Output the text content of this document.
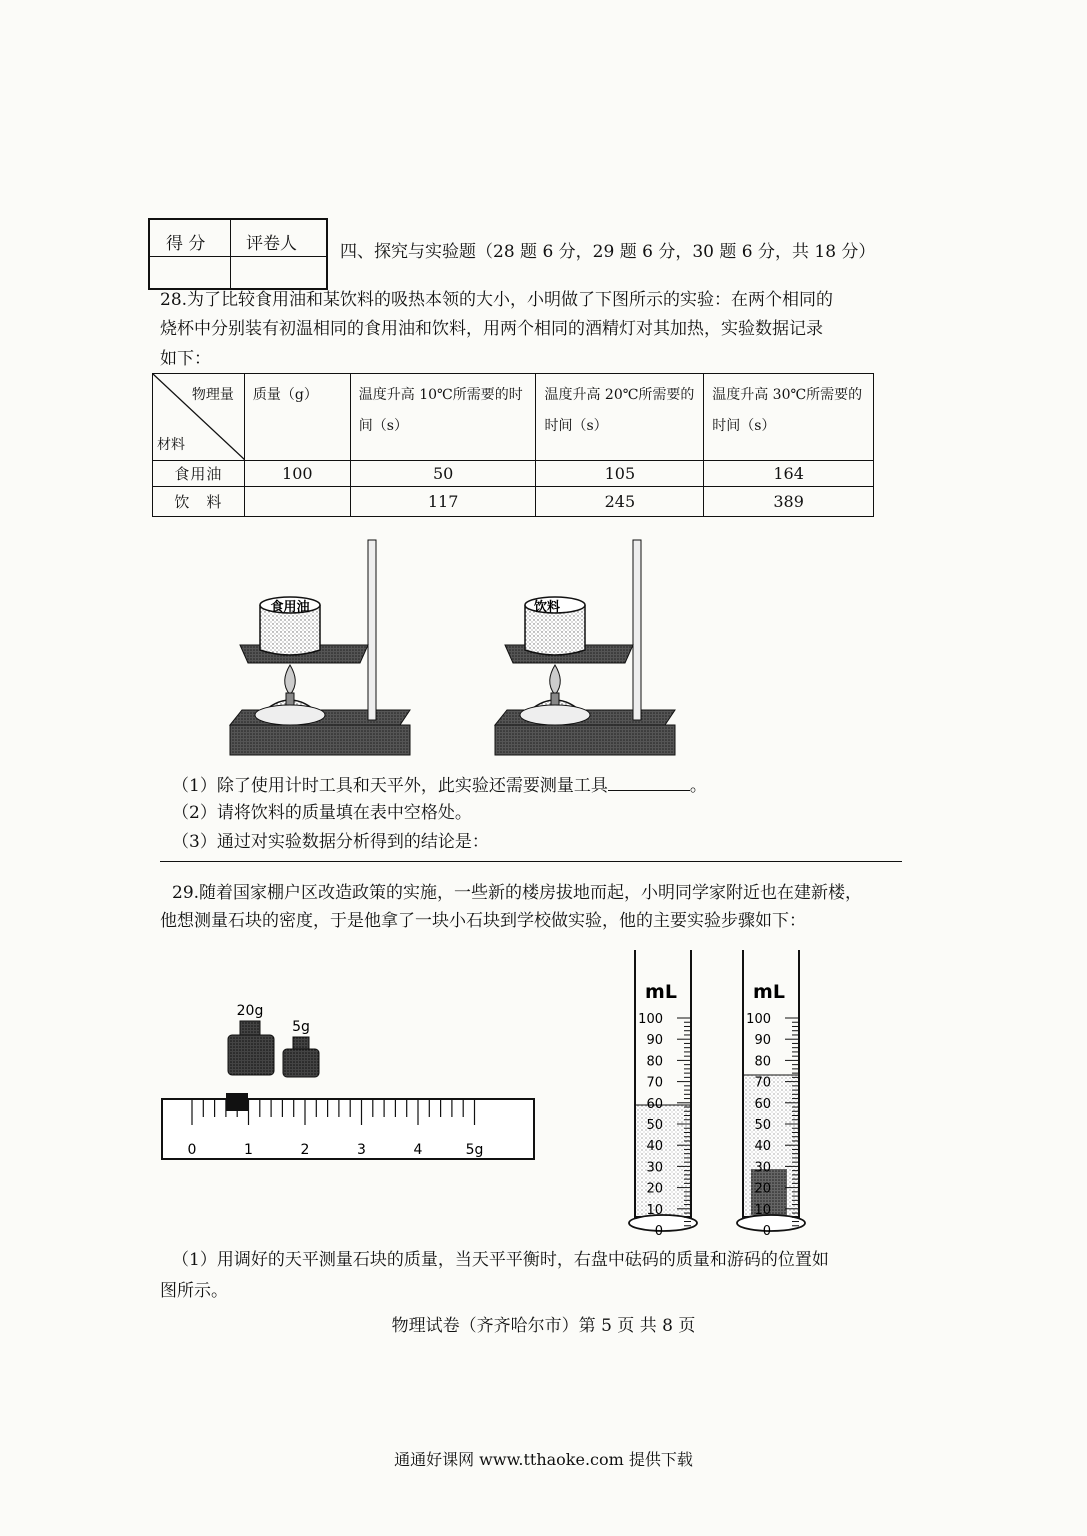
得 分 评卷人	四、探究与实验题（28 题 6 分，29 题 6 分，30 题 6 分，共 18 分）
28.为了比较食用油和某饮料的吸热本领的大小，小明做了下图所示的实验：在两个相同的
烧杯中分别装有初温相同的食用油和饮料，用两个相同的酒精灯对其加热，实验数据记录
如下：
物理量
材料	质量（g）	温度升高 10℃所需要的时间（s）	温度升高 20℃所需要的时间（s）	温度升高 30℃所需要的时间（s）

食用油	100	50	105	164
饮　料		117	245	389
食用油	饮料
（1）除了使用计时工具和天平外，此实验还需要测量工具	。
（2）请将饮料的质量填在表中空格处。
（3）通过对实验数据分析得到的结论是：
29.随着国家棚户区改造政策的实施，一些新的楼房拔地而起，小明同学家附近也在建新楼，
他想测量石块的密度，于是他拿了一块小石块到学校做实验，他的主要实验步骤如下：
20g
5g
0	1	2	3	4	5g
mL
100
90
80
70
60
50
40
30
20
10
0
mL
100
90
80
70
60
50
40
30
20
10
0
（1）用调好的天平测量石块的质量，当天平平衡时，右盘中砝码的质量和游码的位置如
图所示。
物理试卷（齐齐哈尔市）第 5 页 共 8 页
通通好课网 www.tthaoke.com 提供下载
